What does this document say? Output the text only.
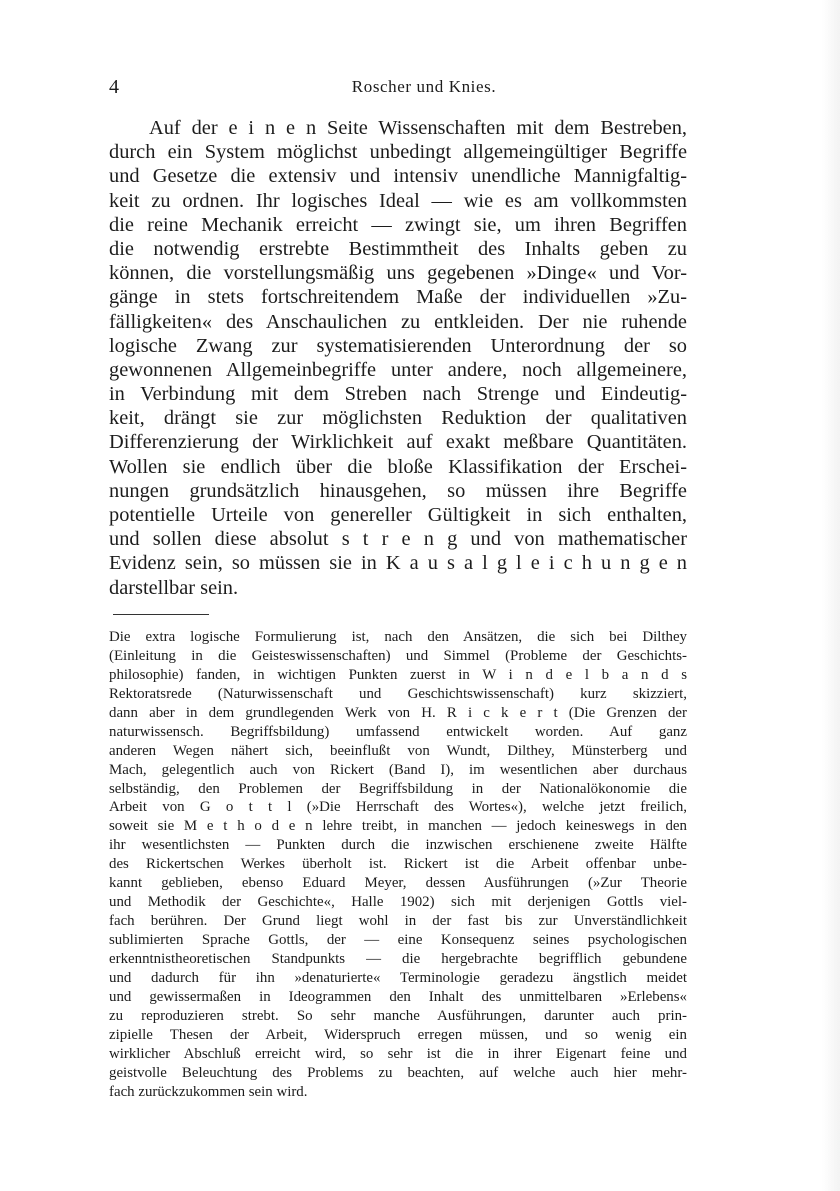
4	Roscher und Knies.
Auf der e i n e n Seite Wissenschaften mit dem Bestreben,
durch ein System möglichst unbedingt allgemeingültiger Begriffe
und Gesetze die extensiv und intensiv unendliche Mannigfaltig-
keit zu ordnen. Ihr logisches Ideal — wie es am vollkommsten
die reine Mechanik erreicht — zwingt sie, um ihren Begriffen
die notwendig erstrebte Bestimmtheit des Inhalts geben zu
können, die vorstellungsmäßig uns gegebenen »Dinge« und Vor-
gänge in stets fortschreitendem Maße der individuellen »Zu-
fälligkeiten« des Anschaulichen zu entkleiden. Der nie ruhende
logische Zwang zur systematisierenden Unterordnung der so
gewonnenen Allgemeinbegriffe unter andere, noch allgemeinere,
in Verbindung mit dem Streben nach Strenge und Eindeutig-
keit, drängt sie zur möglichsten Reduktion der qualitativen
Differenzierung der Wirklichkeit auf exakt meßbare Quantitäten.
Wollen sie endlich über die bloße Klassifikation der Erschei-
nungen grundsätzlich hinausgehen, so müssen ihre Begriffe
potentielle Urteile von genereller Gültigkeit in sich enthalten,
und sollen diese absolut s t r e n g und von mathematischer
Evidenz sein, so müssen sie in K a u s a l g l e i c h u n g e n
darstellbar sein.
Die extra logische Formulierung ist, nach den Ansätzen, die sich bei Dilthey
(Einleitung in die Geisteswissenschaften) und Simmel (Probleme der Geschichts-
philosophie) fanden, in wichtigen Punkten zuerst in W i n d e l b a n d s
Rektoratsrede (Naturwissenschaft und Geschichtswissenschaft) kurz skizziert,
dann aber in dem grundlegenden Werk von H. R i c k e r t (Die Grenzen der
naturwissensch. Begriffsbildung) umfassend entwickelt worden. Auf ganz
anderen Wegen nähert sich, beeinflußt von Wundt, Dilthey, Münsterberg und
Mach, gelegentlich auch von Rickert (Band I), im wesentlichen aber durchaus
selbständig, den Problemen der Begriffsbildung in der Nationalökonomie die
Arbeit von G o t t l (»Die Herrschaft des Wortes«), welche jetzt freilich,
soweit sie M e t h o d e n lehre treibt, in manchen — jedoch keineswegs in den
ihr wesentlichsten — Punkten durch die inzwischen erschienene zweite Hälfte
des Rickertschen Werkes überholt ist. Rickert ist die Arbeit offenbar unbe-
kannt geblieben, ebenso Eduard Meyer, dessen Ausführungen (»Zur Theorie
und Methodik der Geschichte«, Halle 1902) sich mit derjenigen Gottls viel-
fach berühren. Der Grund liegt wohl in der fast bis zur Unverständlichkeit
sublimierten Sprache Gottls, der — eine Konsequenz seines psychologischen
erkenntnistheoretischen Standpunkts — die hergebrachte begrifflich gebundene
und dadurch für ihn »denaturierte« Terminologie geradezu ängstlich meidet
und gewissermaßen in Ideogrammen den Inhalt des unmittelbaren »Erlebens«
zu reproduzieren strebt. So sehr manche Ausführungen, darunter auch prin-
zipielle Thesen der Arbeit, Widerspruch erregen müssen, und so wenig ein
wirklicher Abschluß erreicht wird, so sehr ist die in ihrer Eigenart feine und
geistvolle Beleuchtung des Problems zu beachten, auf welche auch hier mehr-
fach zurückzukommen sein wird.
